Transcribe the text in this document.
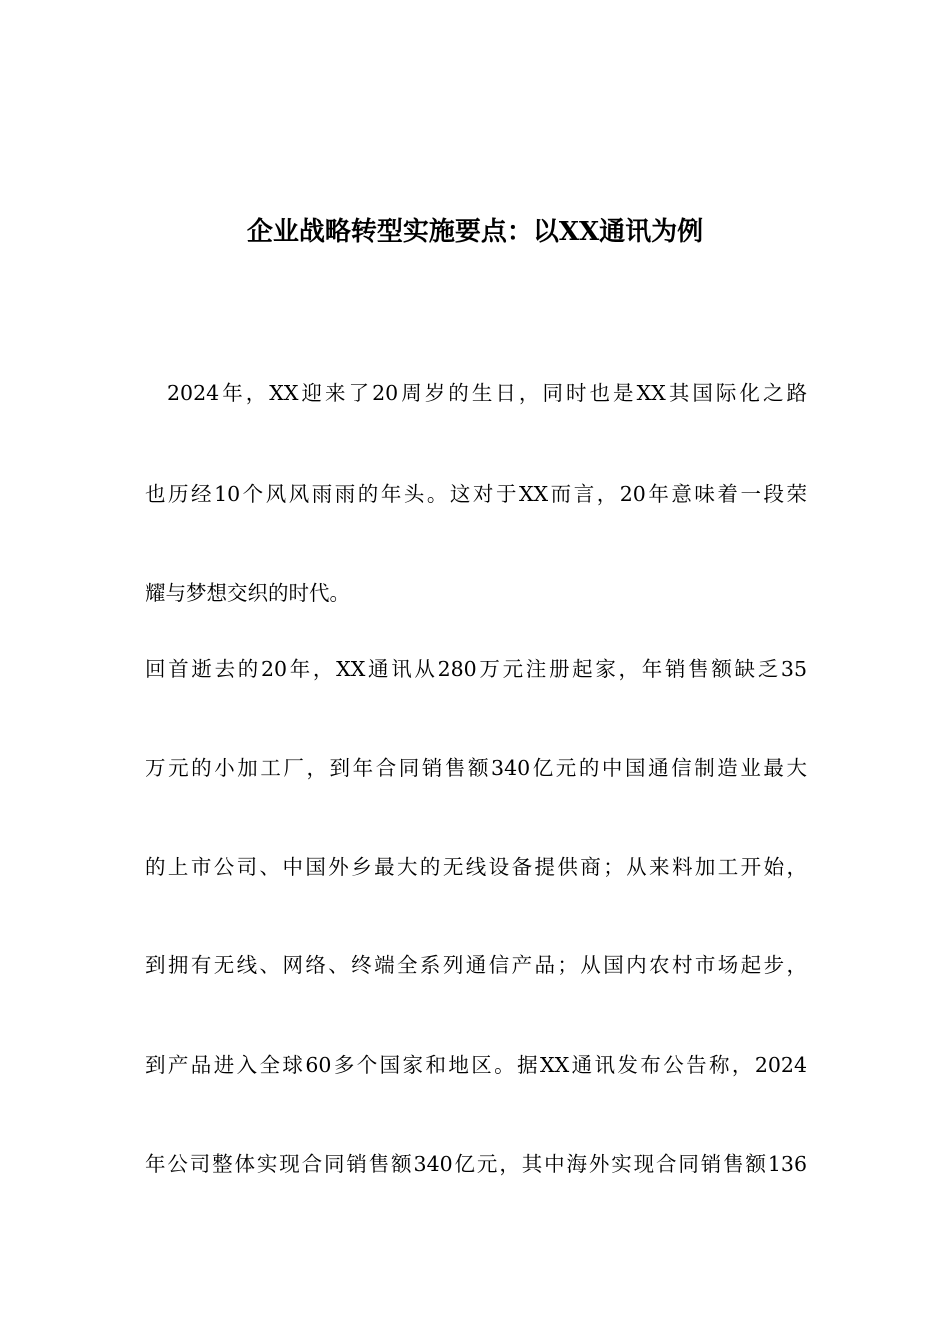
企业战略转型实施要点：以XX通讯为例
2024年，XX迎来了20周岁的生日，同时也是XX其国际化之路
也历经10个风风雨雨的年头。这对于XX而言，20年意味着一段荣
耀与梦想交织的时代。
回首逝去的20年，XX通讯从280万元注册起家，年销售额缺乏35
万元的小加工厂，到年合同销售额340亿元的中国通信制造业最大
的上市公司、中国外乡最大的无线设备提供商；从来料加工开始，
到拥有无线、网络、终端全系列通信产品；从国内农村市场起步，
到产品进入全球60多个国家和地区。据XX通讯发布公告称，2024
年公司整体实现合同销售额340亿元，其中海外实现合同销售额136
